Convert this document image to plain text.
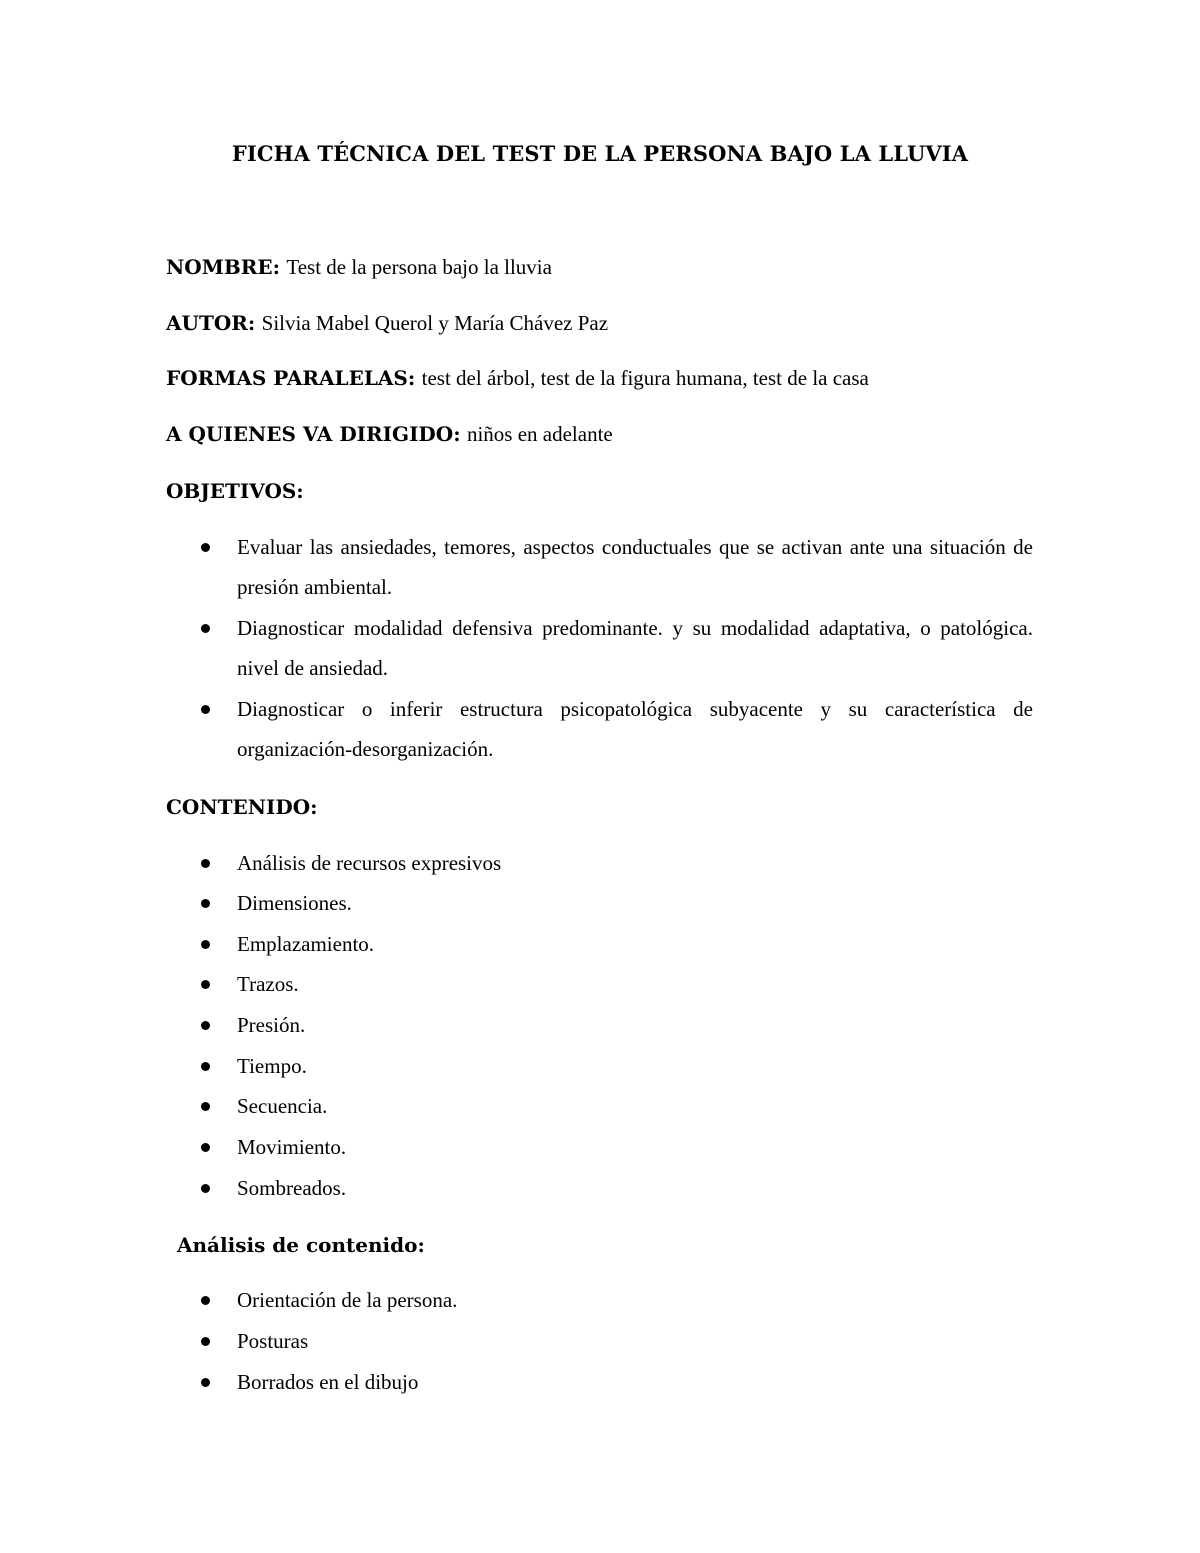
FICHA TÉCNICA DEL TEST DE LA PERSONA BAJO LA LLUVIA
NOMBRE: Test de la persona bajo la lluvia
AUTOR: Silvia Mabel Querol y María Chávez Paz
FORMAS PARALELAS: test del árbol, test de la figura humana, test de la casa
A QUIENES VA DIRIGIDO: niños en adelante
OBJETIVOS:
Evaluar las ansiedades, temores, aspectos conductuales que se activan ante una situación de presión ambiental.
Diagnosticar modalidad defensiva predominante. y su modalidad adaptativa, o patológica. nivel de ansiedad.
Diagnosticar o inferir estructura psicopatológica subyacente y su característica de organización-desorganización.
CONTENIDO:
Análisis de recursos expresivos
Dimensiones.
Emplazamiento.
Trazos.
Presión.
Tiempo.
Secuencia.
Movimiento.
Sombreados.
Análisis de contenido:
Orientación de la persona.
Posturas
Borrados en el dibujo
